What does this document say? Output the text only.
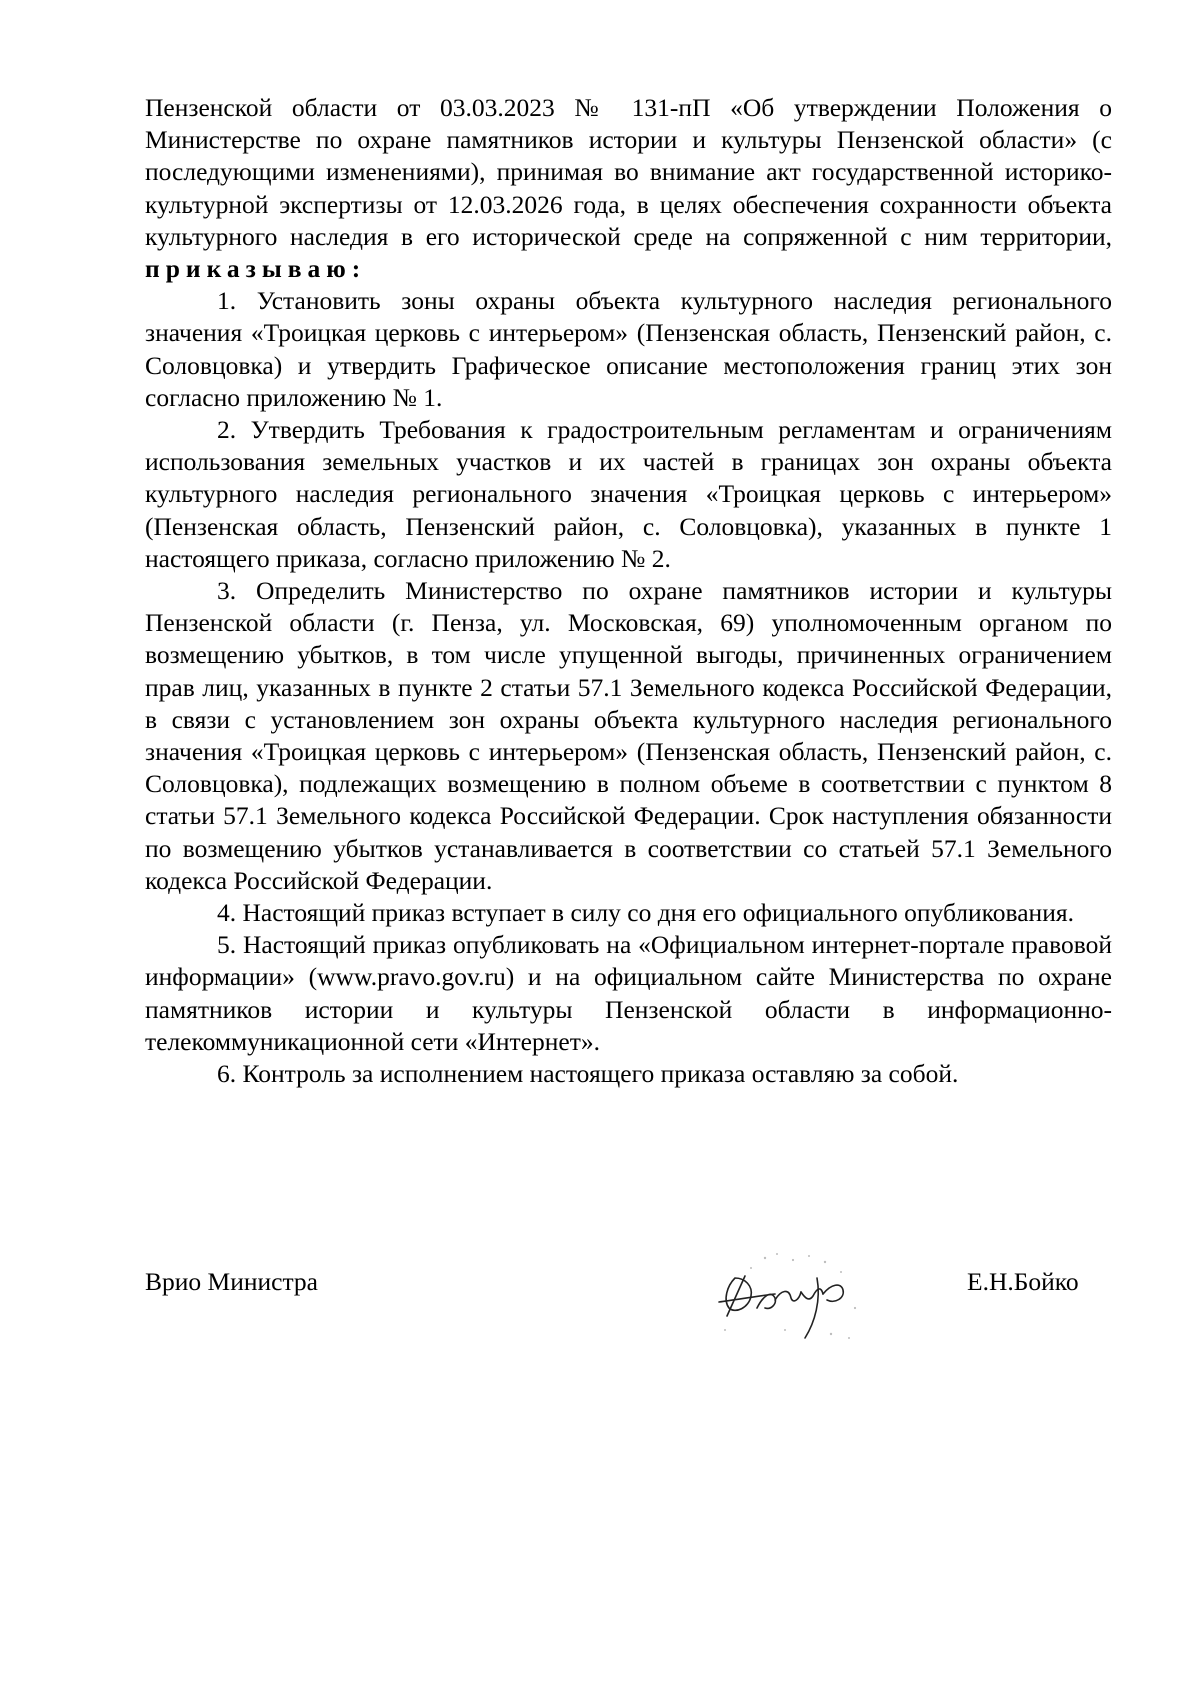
Пензенской области от 03.03.2023 № 131-пП «Об утверждении Положения о Министерстве по охране памятников истории и культуры Пензенской области» (с последующими изменениями), принимая во внимание акт государственной историко-культурной экспертизы от 12.03.2026 года, в целях обеспечения сохранности объекта культурного наследия в его исторической среде на сопряженной с ним территории, приказываю:

1. Установить зоны охраны объекта культурного наследия регионального значения «Троицкая церковь с интерьером» (Пензенская область, Пензенский район, с. Соловцовка) и утвердить Графическое описание местоположения границ этих зон согласно приложению № 1.

2. Утвердить Требования к градостроительным регламентам и ограничениям использования земельных участков и их частей в границах зон охраны объекта культурного наследия регионального значения «Троицкая церковь с интерьером» (Пензенская область, Пензенский район, с. Соловцовка), указанных в пункте 1 настоящего приказа, согласно приложению № 2.

3. Определить Министерство по охране памятников истории и культуры Пензенской области (г. Пенза, ул. Московская, 69) уполномоченным органом по возмещению убытков, в том числе упущенной выгоды, причиненных ограничением прав лиц, указанных в пункте 2 статьи 57.1 Земельного кодекса Российской Федерации, в связи с установлением зон охраны объекта культурного наследия регионального значения «Троицкая церковь с интерьером» (Пензенская область, Пензенский район, с. Соловцовка), подлежащих возмещению в полном объеме в соответствии с пунктом 8 статьи 57.1 Земельного кодекса Российской Федерации. Срок наступления обязанности по возмещению убытков устанавливается в соответствии со статьей 57.1 Земельного кодекса Российской Федерации.

4. Настоящий приказ вступает в силу со дня его официального опубликования.

5. Настоящий приказ опубликовать на «Официальном интернет-портале правовой информации» (www.pravo.gov.ru) и на официальном сайте Министерства по охране памятников истории и культуры Пензенской области в информационно-телекоммуникационной сети «Интернет».

6. Контроль за исполнением настоящего приказа оставляю за собой.

Врио Министра	Е.Н.Бойко
